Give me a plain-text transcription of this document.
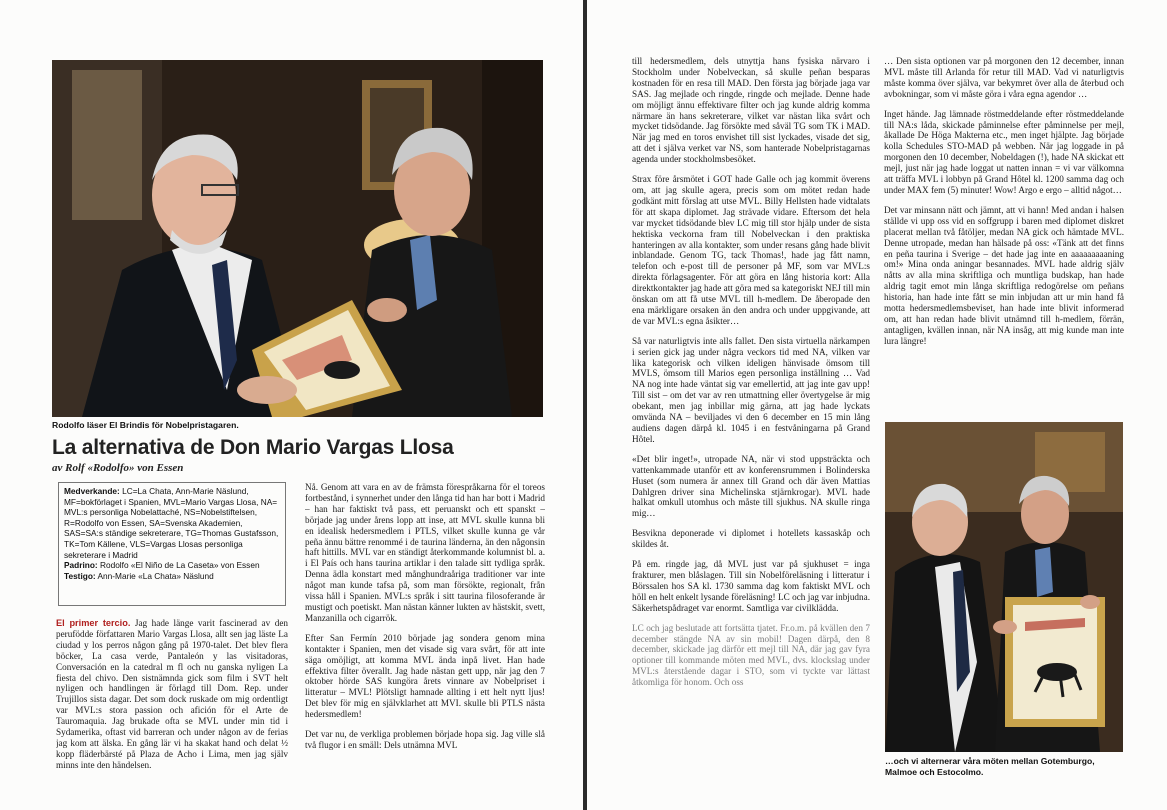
Rodolfo läser El Brindis för Nobelpristagaren.
La alternativa de Don Mario Vargas Llosa
av Rolf «Rodolfo» von Essen
Medverkande: LC=La Chata, Ann-Marie Näslund, MF=bokförlaget i Spanien, MVL=Mario Vargas Llosa, NA= MVL:s personliga Nobelattaché, NS=Nobelstiftelsen, R=Rodolfo von Essen, SA=Svenska Akademien, SAS=SA:s ständige sekreterare, TG=Thomas Gustafsson, TK=Tom Källene, VLS=Vargas Llosas personliga sekreterare i Madrid
Padrino: Rodolfo «El Niño de La Caseta» von Essen
Testigo: Ann-Marie «La Chata» Näslund

El primer tercio. Jag hade länge varit fascinerad av den perufödde författaren Mario Vargas Llosa, allt sen jag läste La ciudad y los perros någon gång på 1970-talet. Det blev flera böcker, La casa verde, Pantaleón y las visitadoras, Conversación en la catedral m fl och nu ganska nyligen La fiesta del chivo. Den sistnämnda gick som film i SVT helt nyligen och handlingen är förlagd till Dom. Rep. under Trujillos sista dagar. Det som dock ruskade om mig ordentligt var MVL:s stora passion och afición för el Arte de Tauromaquia. Jag brukade ofta se MVL under min tid i Sydamerika, oftast vid barreran och under någon av de ferias jag kom att älska. En gång lär vi ha skakat hand och delat ½ kopp fläderbärsté på Plaza de Acho i Lima, men jag själv minns inte den händelsen.

Nå. Genom att vara en av de främsta förespråkarna för el toreos fortbestånd, i synnerhet under den långa tid han har bott i Madrid – han har faktiskt två pass, ett peruanskt och ett spanskt – började jag under årens lopp att inse, att MVL skulle kunna bli en idealisk hedersmedlem i PTLS, vilket skulle kunna ge vår peña ännu bättre renommé i de taurina länderna, än den någonsin haft hittills. MVL var en ständigt återkommande kolumnist bl. a. i El País och hans taurina artiklar i den talade sitt tydliga språk. Denna ädla konstart med månghundraåriga traditioner var inte något man kunde tafsa på, som man försökte, regionalt, från vissa håll i Spanien. MVL:s språk i sitt taurina filosoferande är mustigt och poetiskt. Man nästan känner lukten av hästskit, svett, Manzanilla och cigarrök.

Efter San Fermín 2010 började jag sondera genom mina kontakter i Spanien, men det visade sig vara svårt, för att inte säga omöjligt, att komma MVL ända inpå livet. Han hade effektiva filter överallt. Jag hade nästan gett upp, när jag den 7 oktober hörde SAS kungöra årets vinnare av Nobelpriset i litteratur – MVL! Plötsligt hamnade allting i ett helt nytt ljus! Det blev för mig en självklarhet att MVI. skulle bli PTLS nästa hedersmedlem!

Det var nu, de verkliga problemen började hopa sig. Jag ville slå två flugor i en smäll: Dels utnämna MVL

till hedersmedlem, dels utnyttja hans fysiska närvaro i Stockholm under Nobelveckan, så skulle peñan besparas kostnaden för en resa till MAD. Den första jag började jaga var SAS. Jag mejlade och ringde, ringde och mejlade. Denne hade om möjligt ännu effektivare filter och jag kunde aldrig komma närmare än hans sekreterare, vilket var nästan lika svårt och mycket tidsödande. Jag försökte med såväl TG som TK i MAD. När jag med en toros envishet till sist lyckades, visade det sig, att det i själva verket var NS, som hanterade Nobelpristagarnas agenda under stockholmsbesöket.

Strax före årsmötet i GOT hade Galle och jag kommit överens om, att jag skulle agera, precis som om mötet redan hade godkänt mitt förslag att utse MVL. Billy Hellsten hade vidtalats för att skapa diplomet. Jag strävade vidare. Eftersom det hela var mycket tidsödande blev LC mig till stor hjälp under de sista hektiska veckorna fram till Nobelveckan i den praktiska hanteringen av alla kontakter, som under resans gång hade blivit inblandade. Genom TG, tack Thomas!, hade jag fått namn, telefon och e-post till de personer på MF, som var MVL:s direkta förlagsagenter. För att göra en lång historia kort: Alla direktkontakter jag hade att göra med sa kategoriskt NEJ till min önskan om att få utse MVL till h-medlem. De åberopade den ena märkligare orsaken än den andra och under uppgivande, att de var MVL:s egna åsikter…

Så var naturligtvis inte alls fallet. Den sista virtuella närkampen i serien gick jag under några veckors tid med NA, vilken var lika kategorisk och vilken ideligen hänvisade ömsom till MVLS, ömsom till Marios egen personliga inställning … Vad NA nog inte hade väntat sig var emellertid, att jag inte gav upp! Till sist – om det var av ren utmattning eller övertygelse är mig obekant, men jag inbillar mig gärna, att jag hade lyckats omvända NA – beviljades vi den 6 december en 15 min lång audiens dagen därpå kl. 1045 i en festvåningarna på Grand Hôtel.

«Det blir inget!», utropade NA, när vi stod uppsträckta och vattenkammade utanför ett av konferensrummen i Bolinderska Huset (som numera är annex till Grand och där även Mattias Dahlgren driver sina Michelinska stjärnkrogar). MVL hade halkat omkull utomhus och måste till sjukhus. NA skulle ringa mig…

Besvikna deponerade vi diplomet i hotellets kassaskåp och skildes åt.

På em. ringde jag, då MVL just var på sjukhuset = inga frakturer, men blåslagen. Till sin Nobelföreläsning i litteratur i Börssalen hos SA kl. 1730 samma dag kom faktiskt MVL och höll en helt enkelt lysande föreläsning! LC och jag var inbjudna. Säkerhetspådraget var enormt. Samtliga var civilklädda.

LC och jag beslutade att fortsätta tjatet. Fr.o.m. på kvällen den 7 december stängde NA av sin mobil! Dagen därpå, den 8 december, skickade jag därför ett mejl till NA, där jag gav fyra optioner till kommande möten med MVL, dvs. klockslag under MVL:s återstående dagar i STO, som vi tyckte var lättast åtkomliga för honom. Och oss

… Den sista optionen var på morgonen den 12 december, innan MVL måste till Arlanda för retur till MAD. Vad vi naturligtvis måste komma över själva, var bekymret över alla de återbud och avbokningar, som vi måste göra i våra egna agendor …

Inget hände. Jag lämnade röstmeddelande efter röstmeddelande till NA:s låda, skickade påminnelse efter påminnelse per mejl, åkallade De Höga Makterna etc., men inget hjälpte. Jag började kolla Schedules STO-MAD på webben. När jag loggade in på morgonen den 10 december, Nobeldagen (!), hade NA skickat ett mejl, just när jag hade loggat ut natten innan = vi var välkomna att träffa MVL i lobbyn på Grand Hôtel kl. 1200 samma dag och under MAX fem (5) minuter! Wow! Argo e ergo – alltid något…

Det var minsann nätt och jämnt, att vi hann! Med andan i halsen ställde vi upp oss vid en soffgrupp i baren med diplomet diskret placerat mellan två fåtöljer, medan NA gick och hämtade MVL. Denne utropade, medan han hälsade på oss: «Tänk att det finns en peña taurina i Sverige – det hade jag inte en aaaaaaaaaning om!» Mina onda aningar besannades. MVL hade aldrig själv nåtts av alla mina skriftliga och muntliga budskap, han hade aldrig tagit emot min långa skriftliga redogörelse om peñans historia, han hade inte fått se min inbjudan att ur min hand få motta hedersmedlemsbeviset, han hade inte blivit informerad om, att han redan hade blivit utnämnd till h-medlem, förrän, antagligen, kvällen innan, när NA insåg, att mig kunde man inte lura längre!

…och vi alternerar våra möten mellan Gotemburgo, Malmoe och Estocolmo.
